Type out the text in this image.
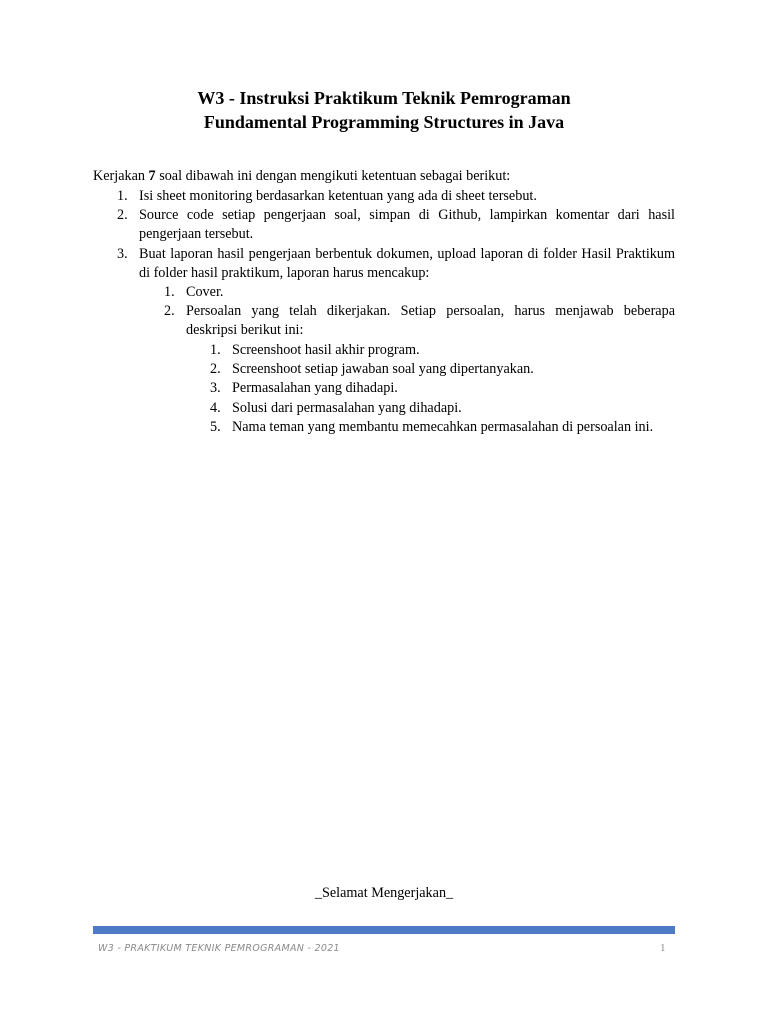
W3 - Instruksi Praktikum Teknik Pemrograman
Fundamental Programming Structures in Java

Kerjakan 7 soal dibawah ini dengan mengikuti ketentuan sebagai berikut:

1. Isi sheet monitoring berdasarkan ketentuan yang ada di sheet tersebut.
2. Source code setiap pengerjaan soal, simpan di Github, lampirkan komentar dari hasil pengerjaan tersebut.
3. Buat laporan hasil pengerjaan berbentuk dokumen, upload laporan di folder Hasil Praktikum di folder hasil praktikum, laporan harus mencakup:
1. Cover.
2. Persoalan yang telah dikerjakan. Setiap persoalan, harus menjawab beberapa deskripsi berikut ini:
1. Screenshoot hasil akhir program.
2. Screenshoot setiap jawaban soal yang dipertanyakan.
3. Permasalahan yang dihadapi.
4. Solusi dari permasalahan yang dihadapi.
5. Nama teman yang membantu memecahkan permasalahan di persoalan ini.

_Selamat Mengerjakan_

W3 - PRAKTIKUM TEKNIK PEMROGRAMAN - 2021	1
